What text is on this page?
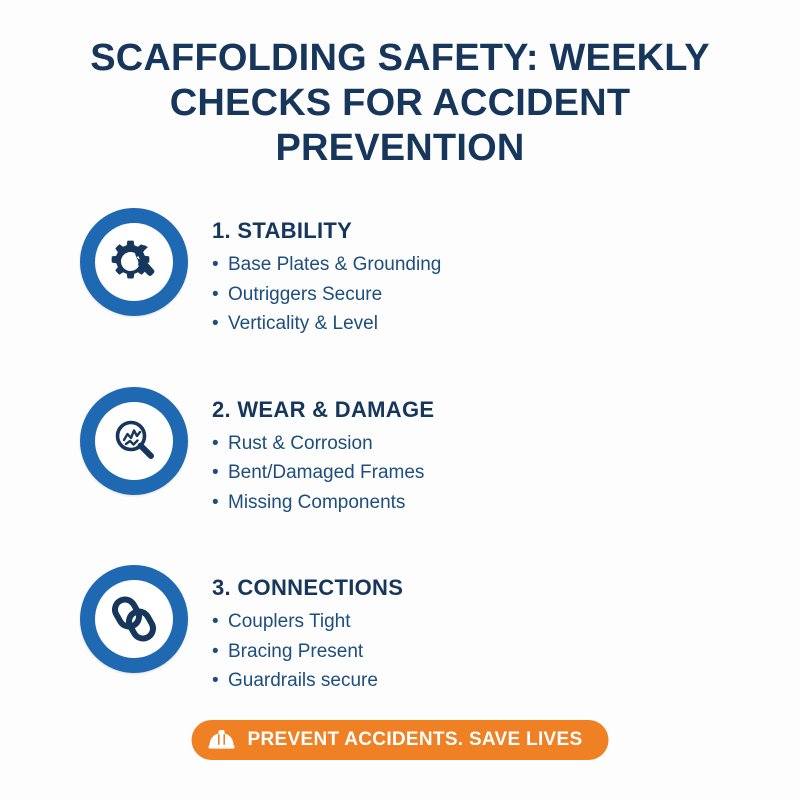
SCAFFOLDING SAFETY: WEEKLY CHECKS FOR ACCIDENT PREVENTION
1. STABILITY
• Base Plates & Grounding
• Outriggers Secure
• Verticality & Level
2. WEAR & DAMAGE
• Rust & Corrosion
• Bent/Damaged Frames
• Missing Components
3. CONNECTIONS
• Couplers Tight
• Bracing Present
• Guardrails secure
PREVENT ACCIDENTS. SAVE LIVES
